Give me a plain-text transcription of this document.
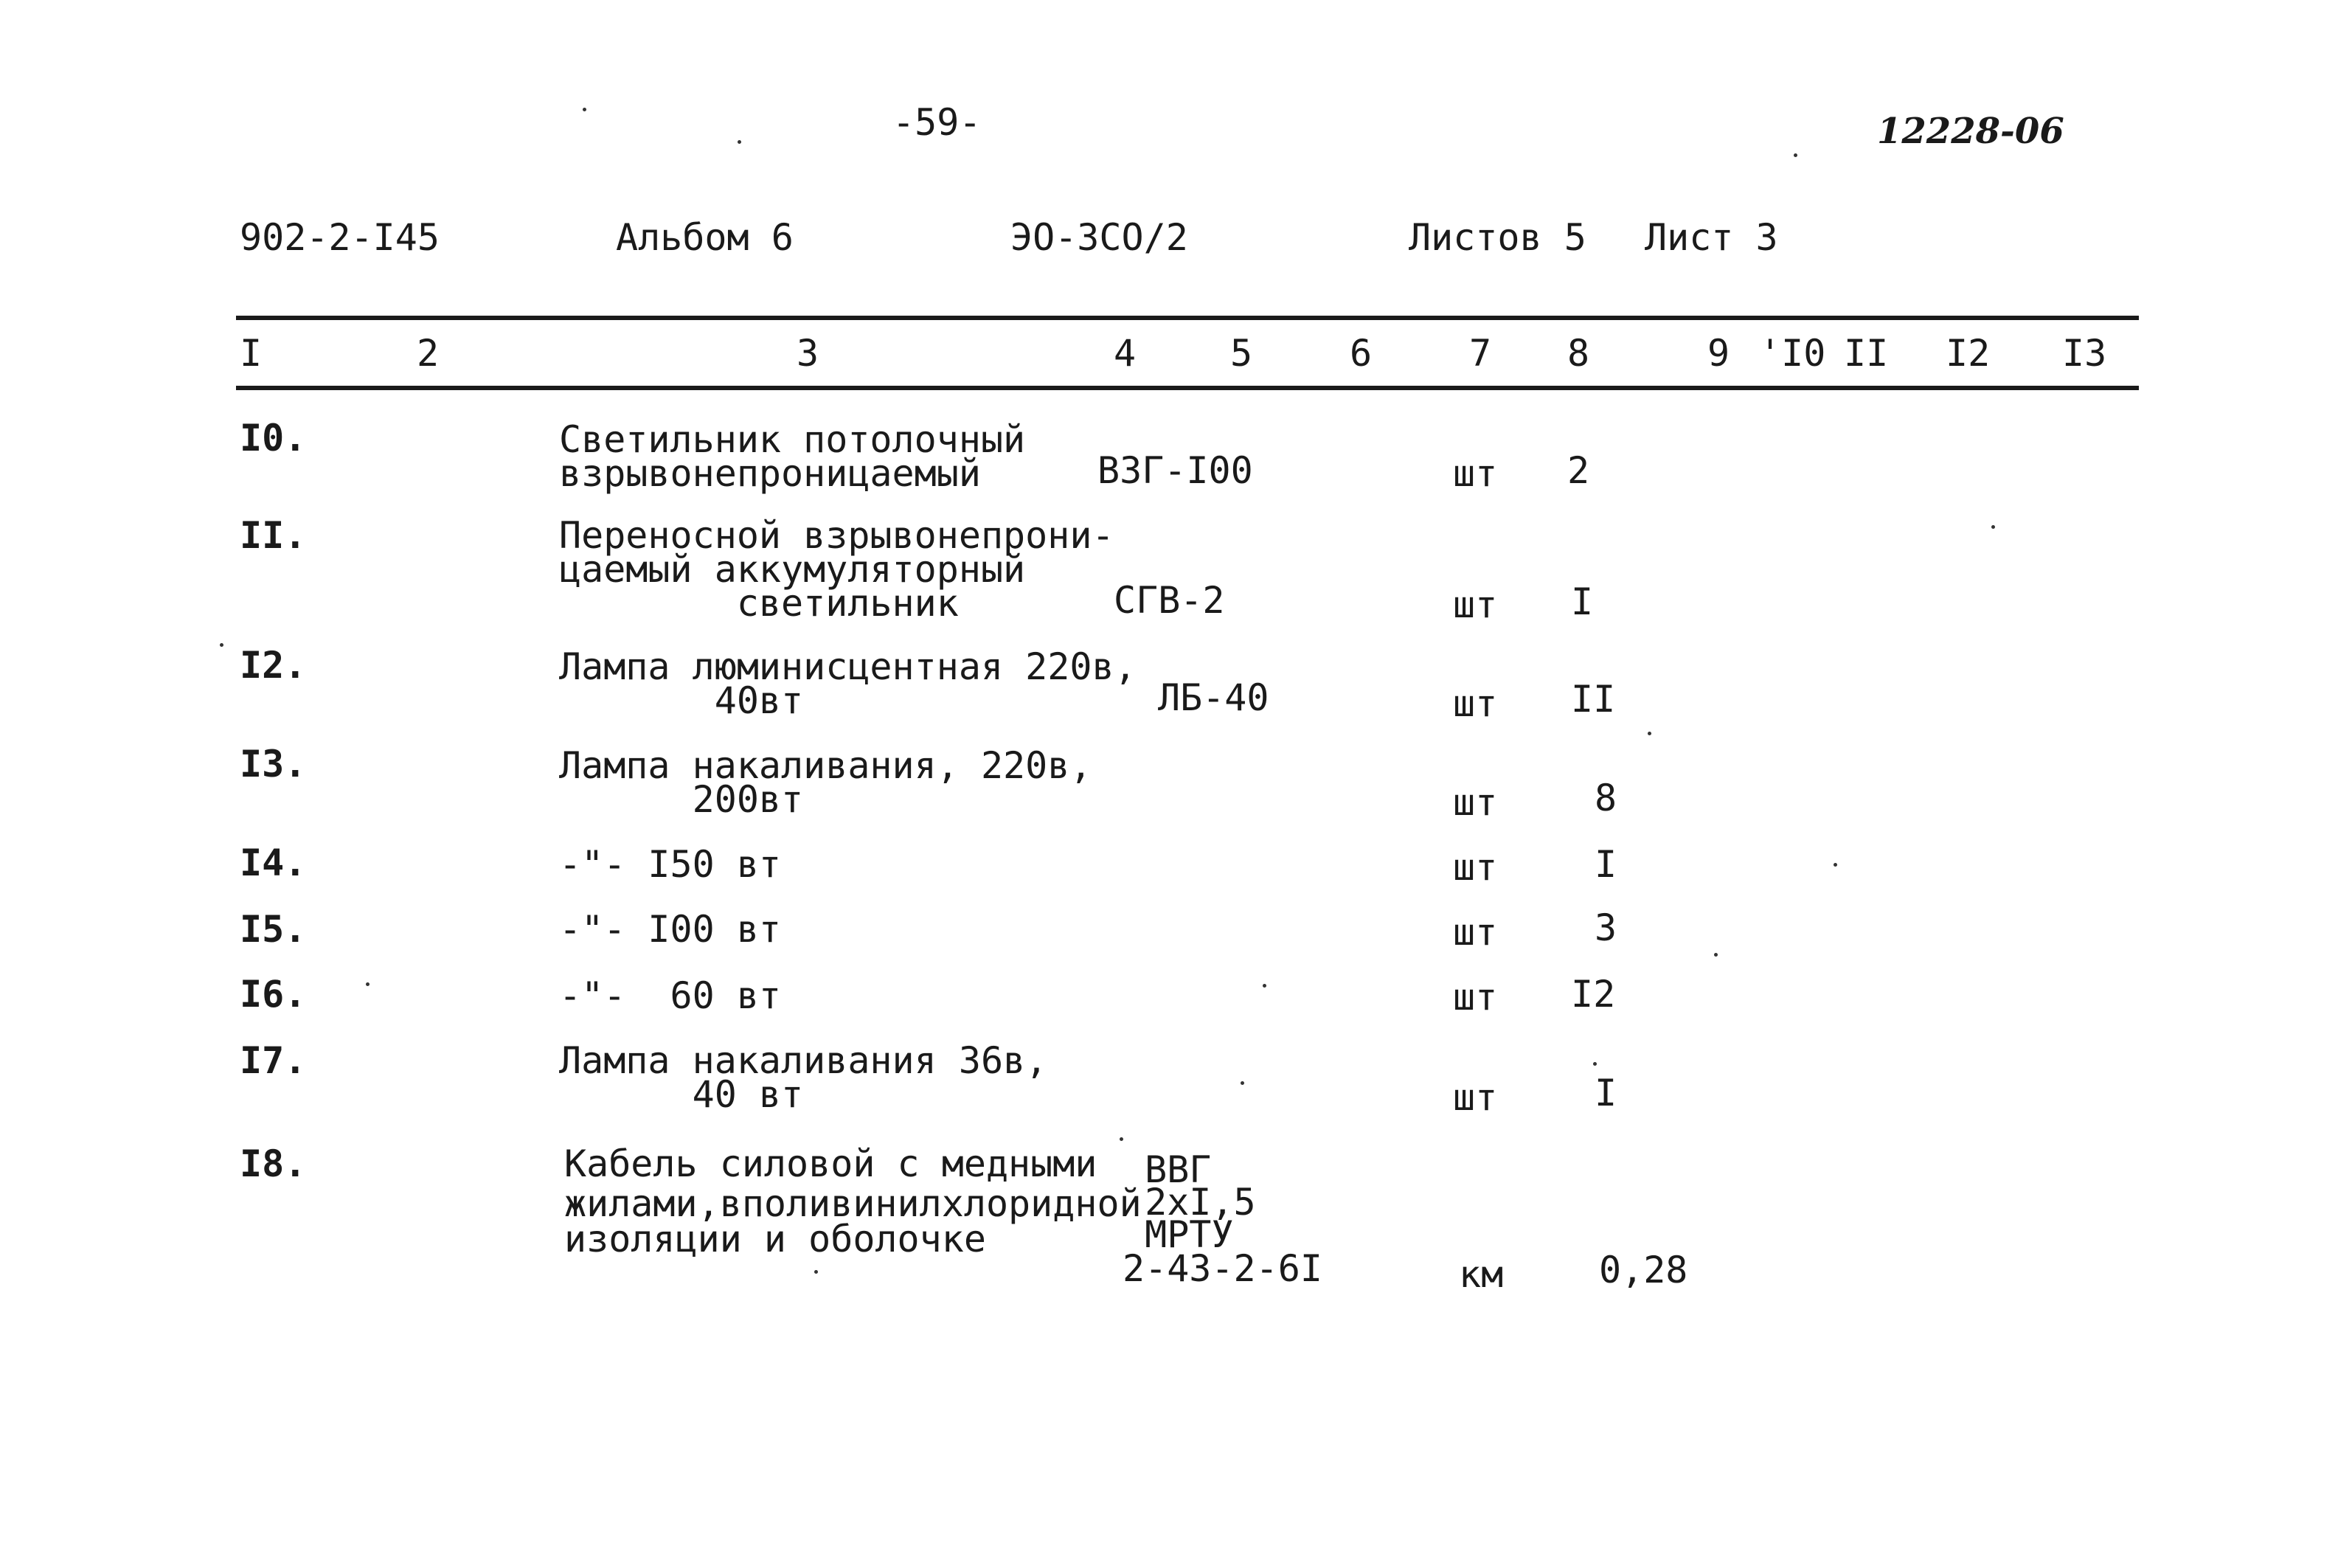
-59-	12228-06
902-2-I45	Альбом 6	ЭО-ЗСО/2	Листов 5 Лист 3
I	2	3	4	5	6	7 8	9 'I0 II I2 I3
I0.	Светильник потолочный
взрывонепроницаемый	ВЗГ-I00	шт 2
II.	Переносной взрывонепрони-
цаемый аккумуляторный
светильник	СГВ-2	шт I
I2.	Лампа люминисцентная 220в,
40вт	ЛБ-40	шт II
I3.	Лампа накаливания, 220в,
200вт	шт	8
I4.	-"- I50 вт	шт	I
I5.	-"- I00 вт	шт	3
I6.	-"-  60 вт	шт I2
I7.	Лампа накаливания 36в,
40 вт	шт	I
I8.	Кабель силовой с медными
жилами,вполивинилхлоридной
изоляции и оболочке
ВВГ
2хI,5
МРТУ
2-43-2-6I	км	0,28
